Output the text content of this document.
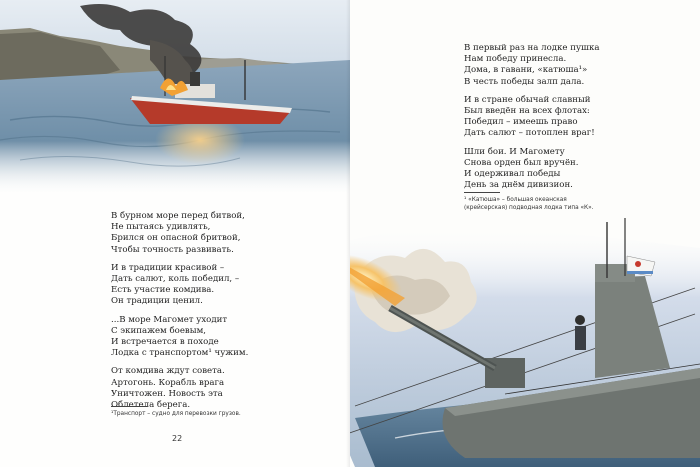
В бурном море перед битвой,
Не пытаясь удивлять,
Брился он опасной бритвой,
Чтобы точность развивать.
И в традиции красивой –
Дать салют, коль победил, –
Есть участие комдива.
Он традиции ценил.
...В море Магомет уходит
С экипажем боевым,
И встречается в походе
Лодка с транспортом¹ чужим.
От комдива ждут совета.
Артогонь. Корабль врага
Уничтожен. Новость эта
Облетела берега.
¹Транспорт – судно для перевозки грузов.
22
В первый раз на лодке пушка
Нам победу принесла.
Дома, в гавани, «катюша¹»
В честь победы залп дала.
И в стране обычай славный
Был введён на всех флотах:
Победил – имеешь право
Дать салют – потоплен враг!
Шли бои. И Магомету
Снова орден был вручён.
И одерживал победы
День за днём дивизион.
¹ «Катюша» – большая океанская
(крейсерская) подводная лодка типа «К».
